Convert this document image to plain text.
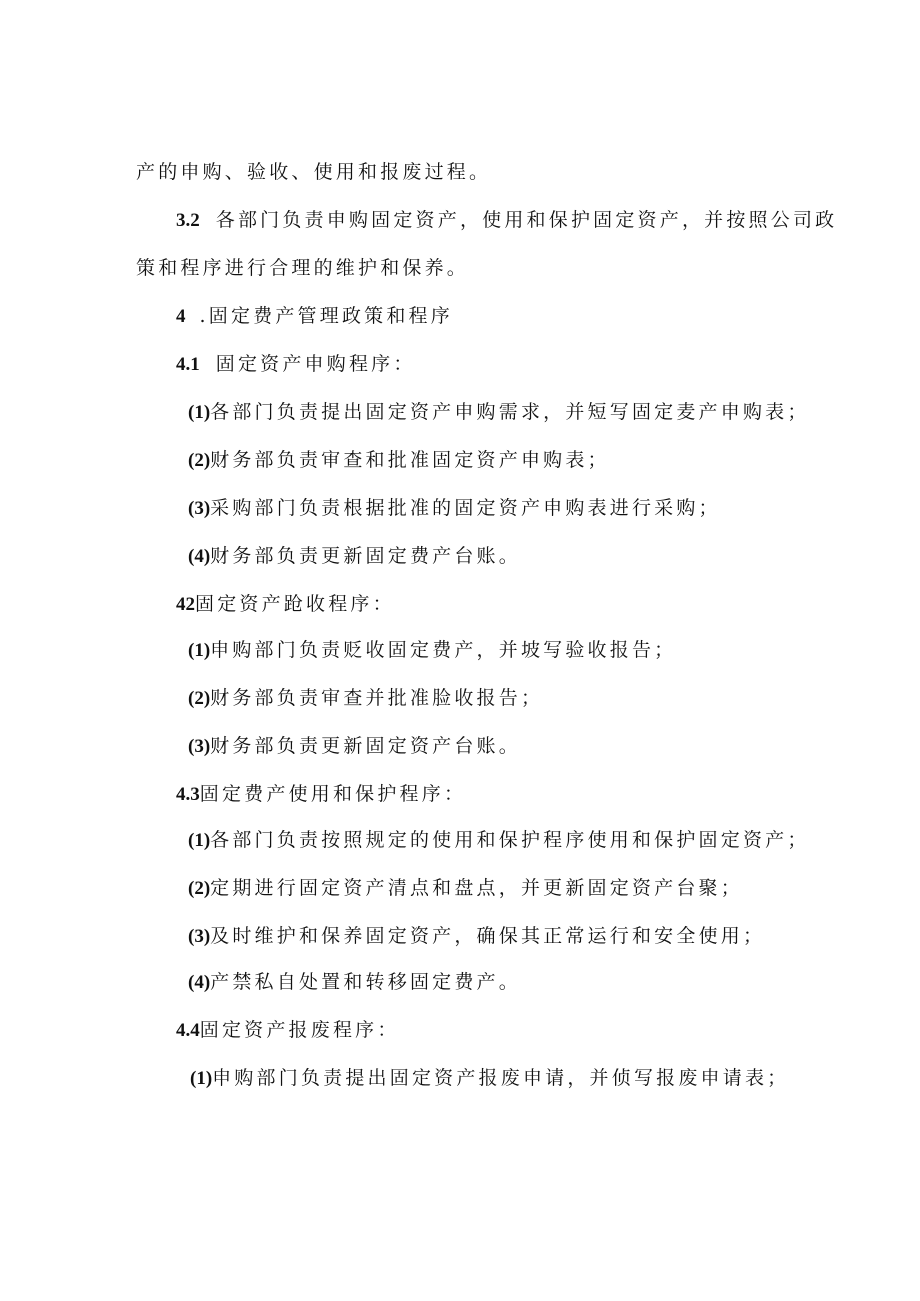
产的申购、验收、使用和报废过程。
3.2 各部门负责申购固定资产，使用和保护固定资产，并按照公司政
策和程序进行合理的维护和保养。
4 .固定费产管理政策和程序
4.1 固定资产申购程序：
(1)各部门负责提出固定资产申购需求，并短写固定麦产申购表；
(2)财务部负责审查和批准固定资产申购表；
(3)采购部门负责根据批准的固定资产申购表进行采购；
(4)财务部负责更新固定费产台账。
42固定资产跄收程序：
(1)申购部门负责贬收固定费产，并坡写验收报告；
(2)财务部负责审查并批准脸收报告；
(3)财务部负责更新固定资产台账。
4.3固定费产使用和保护程序：
(1)各部门负责按照规定的使用和保护程序使用和保护固定资产；
(2)定期进行固定资产清点和盘点，并更新固定资产台聚；
(3)及时维护和保养固定资产，确保其正常运行和安全使用；
(4)产禁私自处置和转移固定费产。
4.4固定资产报废程序：
(1)申购部门负责提出固定资产报废申请，并侦写报废申请表；
